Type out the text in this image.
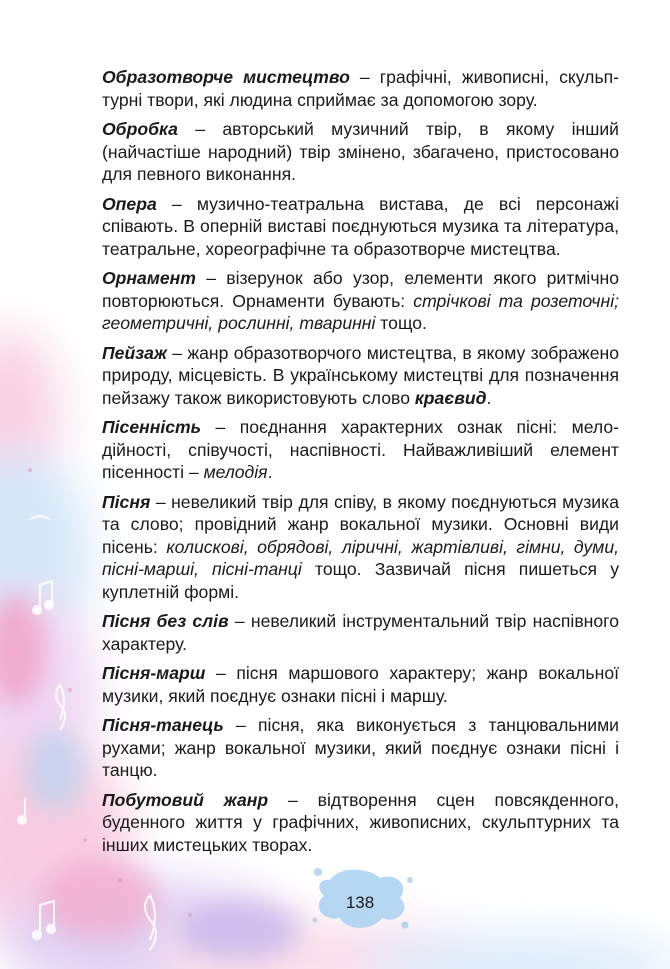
Образотворче мистецтво – графічні, живописні, скульптурні твори, які людина сприймає за допомогою зору.

Обробка – авторський музичний твір, в якому інший (найчастіше народний) твір змінено, збагачено, пристосовано для певного виконання.

Опера – музично-театральна вистава, де всі персонажі співають. В оперній виставі поєднуються музика та література, театральне, хореографічне та образотворче мистецтва.

Орнамент – візерунок або узор, елементи якого ритмічно повторюються. Орнаменти бувають: стрічкові та розеточні; геометричні, рослинні, тваринні тощо.

Пейзаж – жанр образотворчого мистецтва, в якому зображено природу, місцевість. В українському мистецтві для позначення пейзажу також використовують слово краєвид.

Пісенність – поєднання характерних ознак пісні: мелодійності, співучості, наспівності. Найважливіший елемент пісенності – мелодія.

Пісня – невеликий твір для співу, в якому поєднуються музика та слово; провідний жанр вокальної музики. Основні види пісень: колискові, обрядові, ліричні, жартівливі, гімни, думи, пісні-марші, пісні-танці тощо. Зазвичай пісня пишеться у куплетній формі.

Пісня без слів – невеликий інструментальний твір наспівного характеру.

Пісня-марш – пісня маршового характеру; жанр вокальної музики, який поєднує ознаки пісні і маршу.

Пісня-танець – пісня, яка виконується з танцювальними рухами; жанр вокальної музики, який поєднує ознаки пісні і танцю.

Побутовий жанр – відтворення сцен повсякденного, буденного життя у графічних, живописних, скульптурних та інших мистецьких творах.

138
